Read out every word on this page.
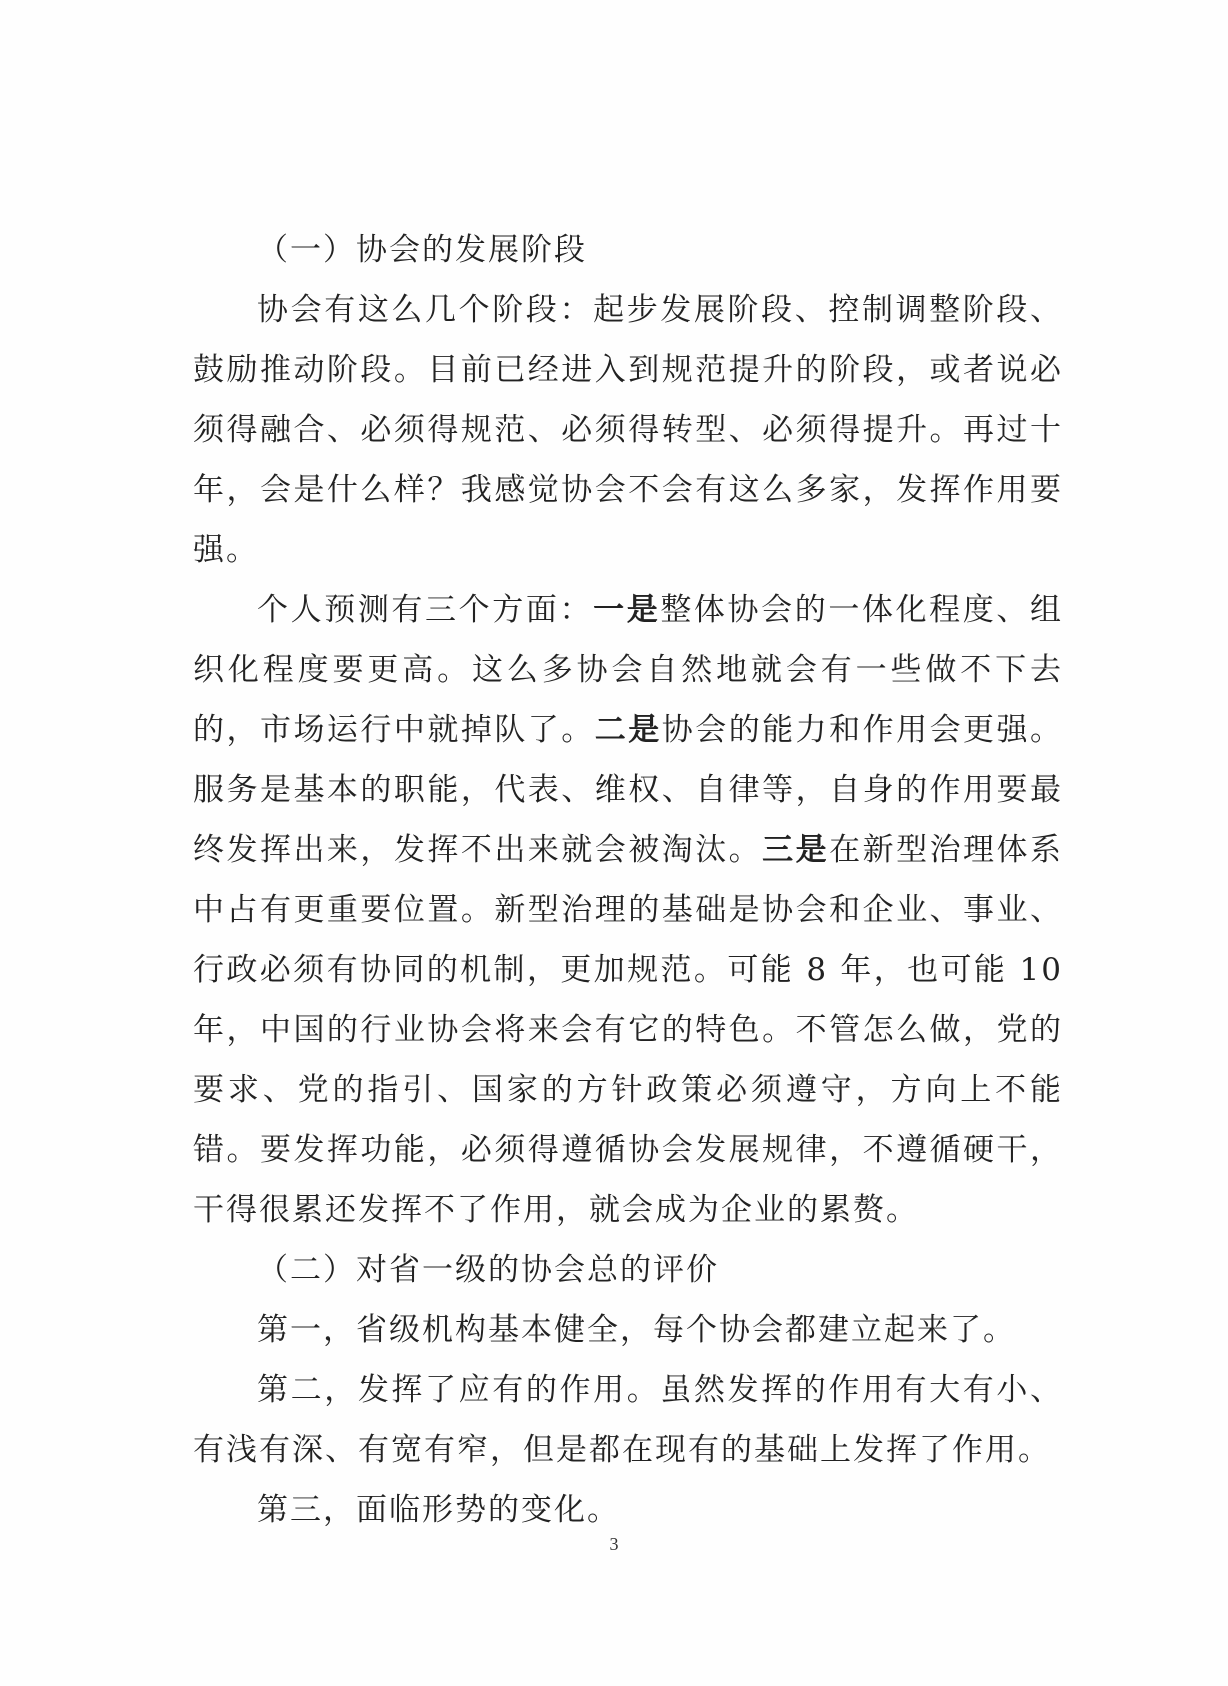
（一）协会的发展阶段

协会有这么几个阶段：起步发展阶段、控制调整阶段、鼓励推动阶段。目前已经进入到规范提升的阶段，或者说必须得融合、必须得规范、必须得转型、必须得提升。再过十年，会是什么样？我感觉协会不会有这么多家，发挥作用要强。

个人预测有三个方面：一是整体协会的一体化程度、组织化程度要更高。这么多协会自然地就会有一些做不下去的，市场运行中就掉队了。二是协会的能力和作用会更强。服务是基本的职能，代表、维权、自律等，自身的作用要最终发挥出来，发挥不出来就会被淘汰。三是在新型治理体系中占有更重要位置。新型治理的基础是协会和企业、事业、行政必须有协同的机制，更加规范。可能 8 年，也可能 10 年，中国的行业协会将来会有它的特色。不管怎么做，党的要求、党的指引、国家的方针政策必须遵守，方向上不能错。要发挥功能，必须得遵循协会发展规律，不遵循硬干，干得很累还发挥不了作用，就会成为企业的累赘。

（二）对省一级的协会总的评价

第一，省级机构基本健全，每个协会都建立起来了。

第二，发挥了应有的作用。虽然发挥的作用有大有小、有浅有深、有宽有窄，但是都在现有的基础上发挥了作用。

第三，面临形势的变化。

3
